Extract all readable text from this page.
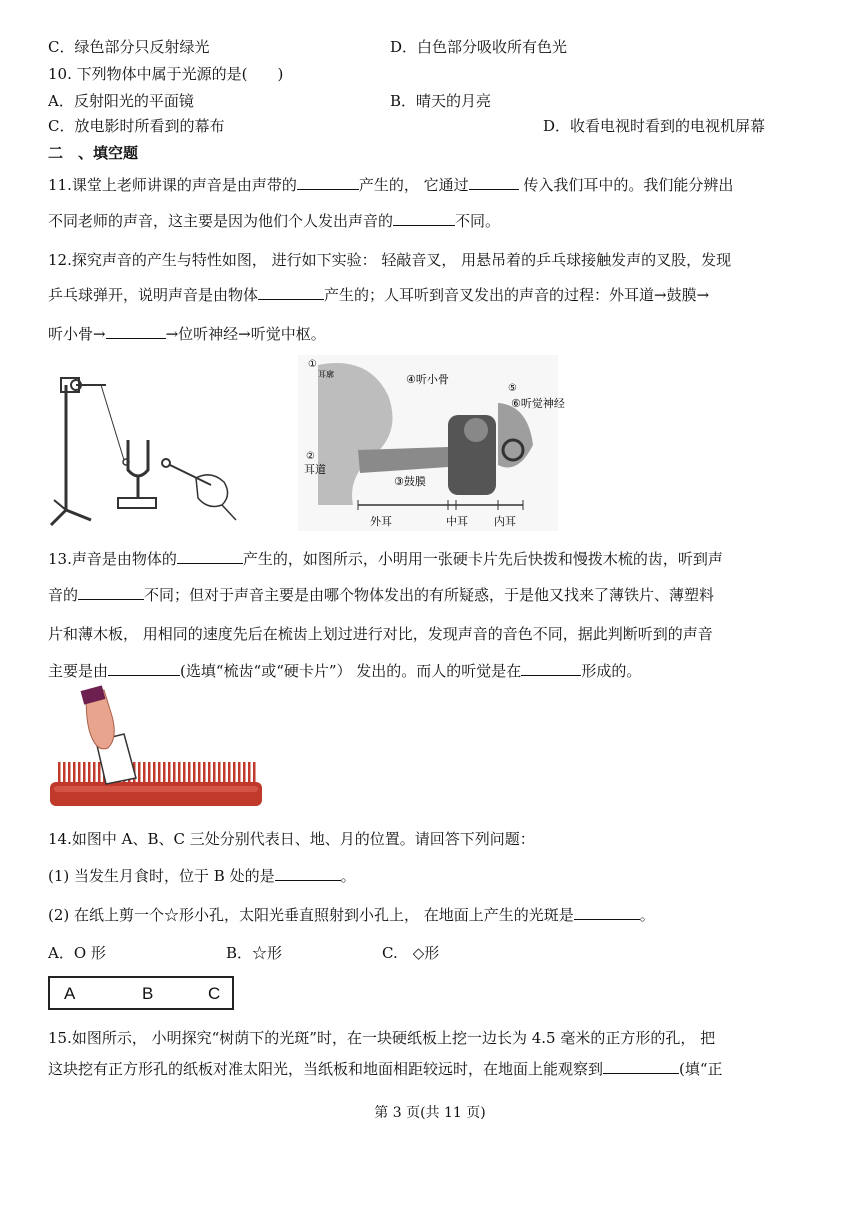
C．绿色部分只反射绿光	D．白色部分吸收所有色光
10. 下列物体中属于光源的是(　　)
A．反射阳光的平面镜	B．晴天的月亮
C．放电影时所看到的幕布	D．收看电视时看到的电视机屏幕
二　、填空题
11.课堂上老师讲课的声音是由声带的	产生的， 它通过	传入我们耳中的。我们能分辨出
不同老师的声音，这主要是因为他们个人发出声音的	不同。
12.探究声音的产生与特性如图， 进行如下实验： 轻敲音叉， 用悬吊着的乒乓球接触发声的叉股，发现
乒乓球弹开，说明声音是由物体	产生的；人耳听到音叉发出的声音的过程：外耳道→鼓膜→
听小骨→	→位听神经→听觉中枢。
①
耳廓	④听小骨
⑤
⑥听觉神经
②
耳道
③鼓膜
外耳	中耳 内耳
13.声音是由物体的	产生的，如图所示，小明用一张硬卡片先后快拨和慢拨木梳的齿，听到声
音的	不同；但对于声音主要是由哪个物体发出的有所疑惑，于是他又找来了薄铁片、薄塑料
片和薄木板， 用相同的速度先后在梳齿上划过进行对比，发现声音的音色不同，据此判断听到的声音
主要是由	(选填“梳齿“或“硬卡片”） 发出的。而人的听觉是在	形成的。
14.如图中 A、B、C 三处分别代表日、地、月的位置。请回答下列问题：
(1) 当发生月食时，位于 B 处的是	。
(2) 在纸上剪一个☆形小孔，太阳光垂直照射到小孔上， 在地面上产生的光斑是	。
A．O 形	B．☆形	C.　◇形
A	B	C
15.如图所示， 小明探究“树荫下的光斑”时，在一块硬纸板上挖一边长为 4.5 毫米的正方形的孔， 把
这块挖有正方形孔的纸板对准太阳光，当纸板和地面相距较远时，在地面上能观察到	(填“正
第 3 页(共 11 页)
